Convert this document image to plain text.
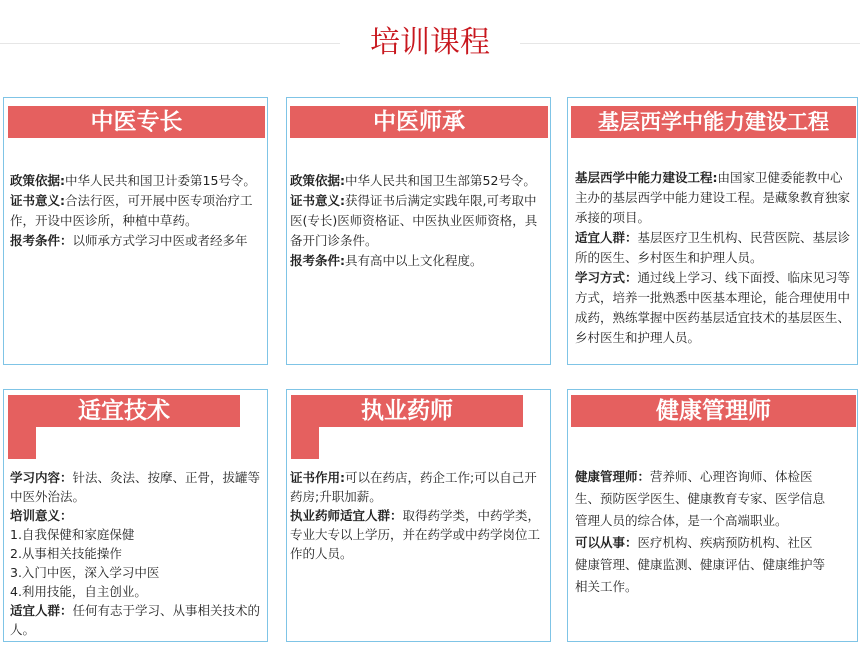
培训课程
中医专长

政策依据:中华人民共和国卫计委第15号令。

证书意义:合法行医，可开展中医专项治疗工作，开设中医诊所，种植中草药。

报考条件：以师承方式学习中医或者经多年

中医师承

政策依据:中华人民共和国卫生部第52号令。

证书意义:获得证书后满定实践年限,可考取中医(专长)医师资格证、中医执业医师资格，具备开门诊条件。

报考条件:具有高中以上文化程度。

基层西学中能力建设工程

基层西学中能力建设工程:由国家卫健委能教中心主办的基层西学中能力建设工程。是藏象教育独家承接的项目。

适宜人群：基层医疗卫生机构、民营医院、基层诊所的医生、乡村医生和护理人员。

学习方式：通过线上学习、线下面授、临床见习等方式，培养一批熟悉中医基本理论，能合理使用中成药，熟练掌握中医药基层适宜技术的基层医生、乡村医生和护理人员。

适宜技术

学习内容：针法、灸法、按摩、正骨，拔罐等中医外治法。

培训意义：

1.自我保健和家庭保健

2.从事相关技能操作

3.入门中医，深入学习中医

4.利用技能，自主创业。

适宜人群：任何有志于学习、从事相关技术的人。

执业药师

证书作用:可以在药店，药企工作;可以自己开药房;升职加薪。

执业药师适宜人群：取得药学类，中药学类，专业大专以上学历，并在药学或中药学岗位工作的人员。

健康管理师

健康管理师：营养师、心理咨询师、体检医生、预防医学医生、健康教育专家、医学信息管理人员的综合体，是一个高端职业。

可以从事：医疗机构、疾病预防机构、社区健康管理、健康监测、健康评估、健康维护等相关工作。
